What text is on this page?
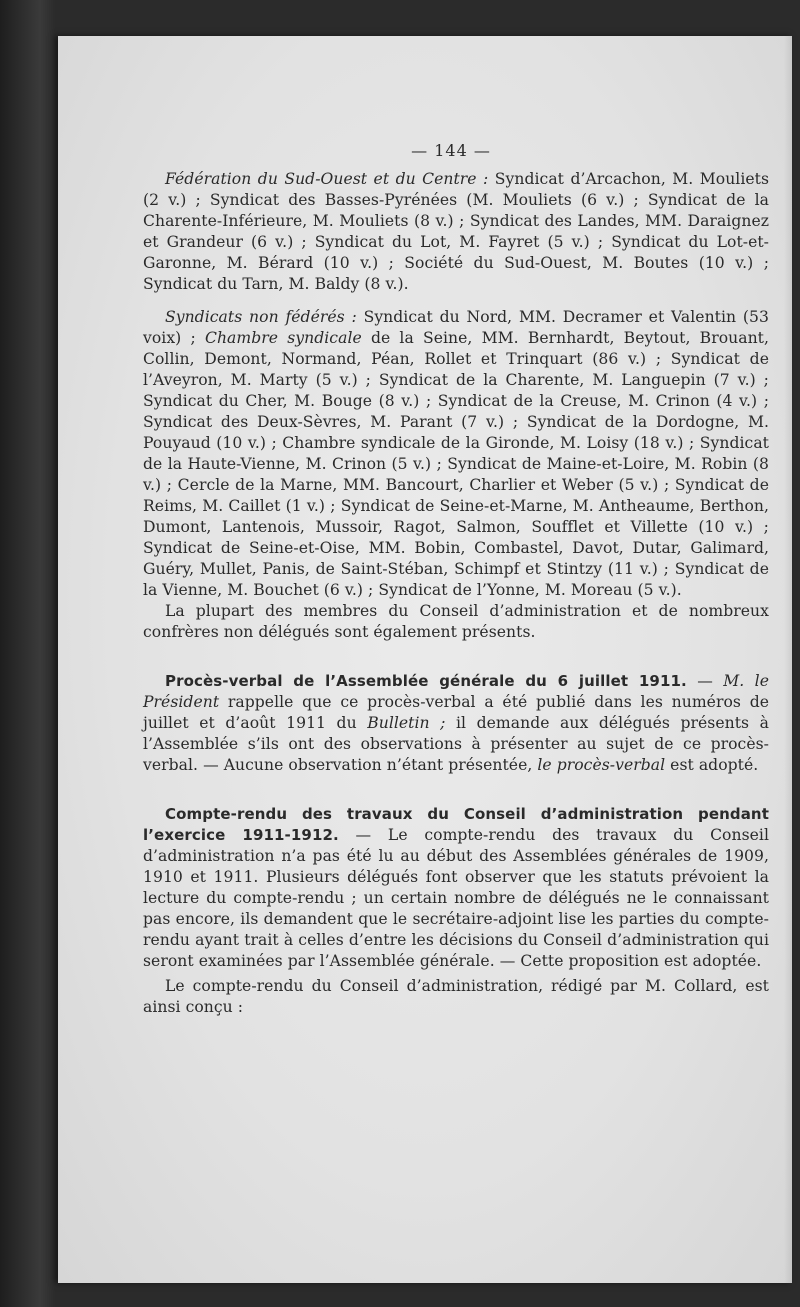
— 144 —

Fédération du Sud-Ouest et du Centre : Syndicat d’Arcachon, M. Mouliets (2 v.) ; Syndicat des Basses-Pyrénées (M. Mouliets (6 v.) ; Syndicat de la Charente-Inférieure, M. Mouliets (8 v.) ; Syndicat des Landes, MM. Daraignez et Grandeur (6 v.) ; Syndicat du Lot, M. Fayret (5 v.) ; Syndicat du Lot-et-Garonne, M. Bérard (10 v.) ; Société du Sud-Ouest, M. Boutes (10 v.) ; Syndicat du Tarn, M. Baldy (8 v.).

Syndicats non fédérés : Syndicat du Nord, MM. Decramer et Valentin (53 voix) ; Chambre syndicale de la Seine, MM. Bernhardt, Beytout, Brouant, Collin, Demont, Normand, Péan, Rollet et Trinquart (86 v.) ; Syndicat de l’Aveyron, M. Marty (5 v.) ; Syndicat de la Charente, M. Languepin (7 v.) ; Syndicat du Cher, M. Bouge (8 v.) ; Syndicat de la Creuse, M. Crinon (4 v.) ; Syndicat des Deux-Sèvres, M. Parant (7 v.) ; Syndicat de la Dordogne, M. Pouyaud (10 v.) ; Chambre syndicale de la Gironde, M. Loisy (18 v.) ; Syndicat de la Haute-Vienne, M. Crinon (5 v.) ; Syndicat de Maine-et-Loire, M. Robin (8 v.) ; Cercle de la Marne, MM. Bancourt, Charlier et Weber (5 v.) ; Syndicat de Reims, M. Caillet (1 v.) ; Syndicat de Seine-et-Marne, M. Antheaume, Berthon, Dumont, Lantenois, Mussoir, Ragot, Salmon, Soufflet et Villette (10 v.) ; Syndicat de Seine-et-Oise, MM. Bobin, Combastel, Davot, Dutar, Galimard, Guéry, Mullet, Panis, de Saint-Stéban, Schimpf et Stintzy (11 v.) ; Syndicat de la Vienne, M. Bouchet (6 v.) ; Syndicat de l’Yonne, M. Moreau (5 v.).

La plupart des membres du Conseil d’administration et de nombreux confrères non délégués sont également présents.

Procès-verbal de l’Assemblée générale du 6 juillet 1911. — M. le Président rappelle que ce procès-verbal a été publié dans les numéros de juillet et d’août 1911 du Bulletin ; il demande aux délégués présents à l’Assemblée s’ils ont des observations à présenter au sujet de ce procès-verbal. — Aucune observation n’étant présentée, le procès-verbal est adopté.

Compte-rendu des travaux du Conseil d’administration pendant l’exercice 1911-1912. — Le compte-rendu des travaux du Conseil d’administration n’a pas été lu au début des Assemblées générales de 1909, 1910 et 1911. Plusieurs délégués font observer que les statuts prévoient la lecture du compte-rendu ; un certain nombre de délégués ne le connaissant pas encore, ils demandent que le secrétaire-adjoint lise les parties du compte-rendu ayant trait à celles d’entre les décisions du Conseil d’administration qui seront examinées par l’Assemblée générale. — Cette proposition est adoptée.

Le compte-rendu du Conseil d’administration, rédigé par M. Collard, est ainsi conçu :
